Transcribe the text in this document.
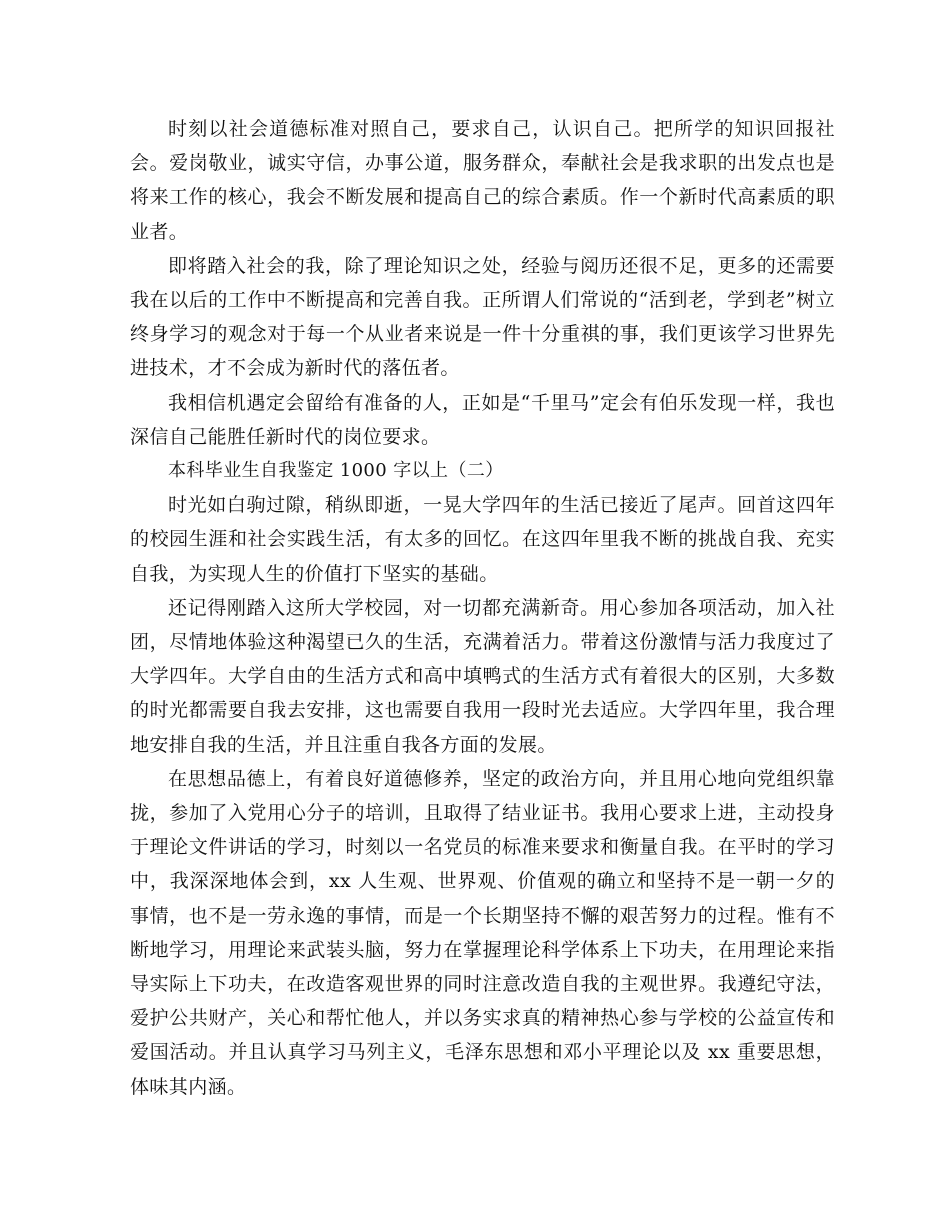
时刻以社会道德标准对照自己，要求自己，认识自己。把所学的知识回报社会。爱岗敬业，诚实守信，办事公道，服务群众，奉献社会是我求职的出发点也是将来工作的核心，我会不断发展和提高自己的综合素质。作一个新时代高素质的职业者。

即将踏入社会的我，除了理论知识之处，经验与阅历还很不足，更多的还需要我在以后的工作中不断提高和完善自我。正所谓人们常说的“活到老，学到老”树立终身学习的观念对于每一个从业者来说是一件十分重祺的事，我们更该学习世界先进技术，才不会成为新时代的落伍者。

我相信机遇定会留给有准备的人，正如是“千里马”定会有伯乐发现一样，我也深信自己能胜任新时代的岗位要求。

本科毕业生自我鉴定 1000 字以上（二）

时光如白驹过隙，稍纵即逝，一晃大学四年的生活已接近了尾声。回首这四年的校园生涯和社会实践生活，有太多的回忆。在这四年里我不断的挑战自我、充实自我，为实现人生的价值打下坚实的基础。

还记得刚踏入这所大学校园，对一切都充满新奇。用心参加各项活动，加入社团，尽情地体验这种渴望已久的生活，充满着活力。带着这份激情与活力我度过了大学四年。大学自由的生活方式和高中填鸭式的生活方式有着很大的区别，大多数的时光都需要自我去安排，这也需要自我用一段时光去适应。大学四年里，我合理地安排自我的生活，并且注重自我各方面的发展。

在思想品德上，有着良好道德修养，坚定的政治方向，并且用心地向党组织靠拢，参加了入党用心分子的培训，且取得了结业证书。我用心要求上进，主动投身于理论文件讲话的学习，时刻以一名党员的标准来要求和衡量自我。在平时的学习中，我深深地体会到，xx 人生观、世界观、价值观的确立和坚持不是一朝一夕的事情，也不是一劳永逸的事情，而是一个长期坚持不懈的艰苦努力的过程。惟有不断地学习，用理论来武装头脑，努力在掌握理论科学体系上下功夫，在用理论来指导实际上下功夫，在改造客观世界的同时注意改造自我的主观世界。我遵纪守法，爱护公共财产，关心和帮忙他人，并以务实求真的精神热心参与学校的公益宣传和爱国活动。并且认真学习马列主义，毛泽东思想和邓小平理论以及 xx 重要思想，体味其内涵。
